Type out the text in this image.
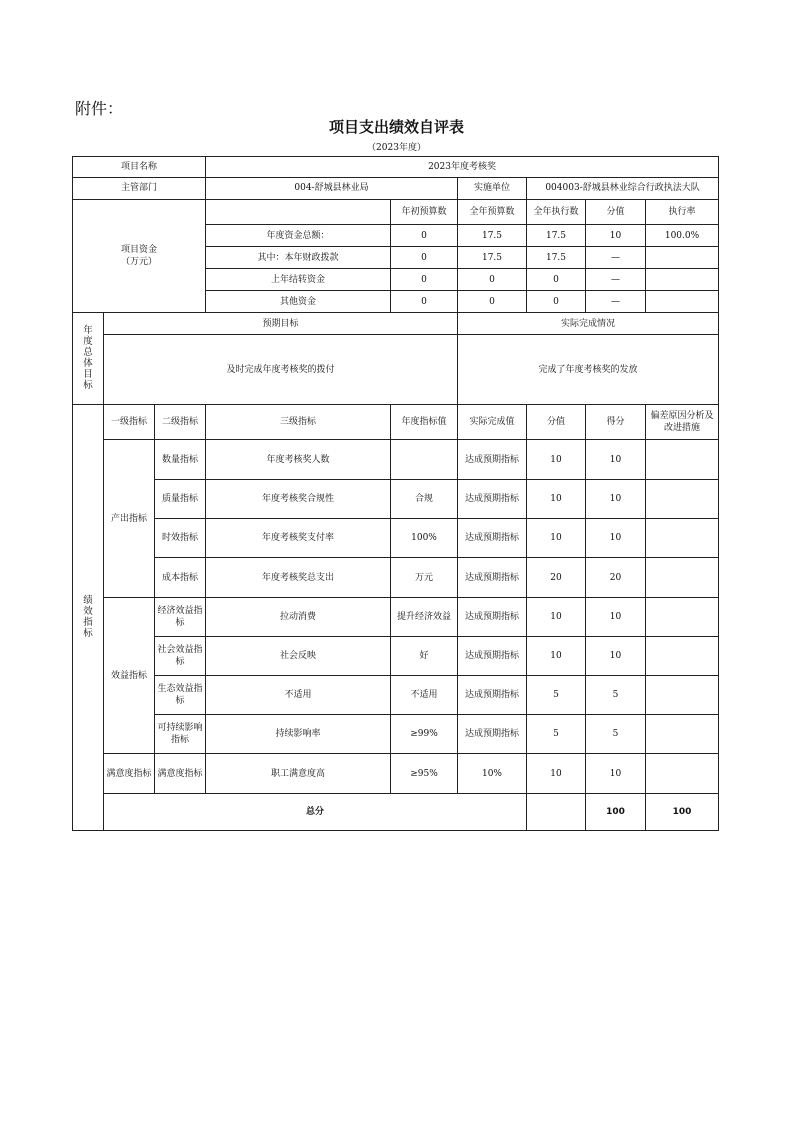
附件：
项目支出绩效自评表
（2023年度）
项目名称			2023年度考核奖						
主管部门			004-舒城县林业局		实施单位	004003-舒城县林业综合行政执法大队			
项目资金
（万元）				年初预算数	全年预算数	全年执行数	分值	执行率	
			年度资金总额：	0	17.5	17.5	10	100.0%	
			其中：本年财政拨款	0	17.5	17.5	—		
			上年结转资金	0	0	0	—		
			其他资金	0	0	0	—		
年度总体目标	预期目标				实际完成情况				
	及时完成年度考核奖的拨付				完成了年度考核奖的发放				
绩效指标	一级指标	二级指标	三级指标	年度指标值	实际完成值	分值	得分	偏差原因分析及改进措施	
	产出指标	数量指标	年度考核奖人数		达成预期指标	10	10		
		质量指标	年度考核奖合规性	合规	达成预期指标	10	10		
		时效指标	年度考核奖支付率	100%	达成预期指标	10	10		
		成本指标	年度考核奖总支出	万元	达成预期指标	20	20		
	效益指标	经济效益指标	拉动消费	提升经济效益	达成预期指标	10	10		
		社会效益指标	社会反映	好	达成预期指标	10	10		
		生态效益指标	不适用	不适用	达成预期指标	5	5		
		可持续影响指标	持续影响率	≥99%	达成预期指标	5	5		
	满意度指标	满意度指标	职工满意度高	≥95%	10%	10	10		
	总分						100	100	
